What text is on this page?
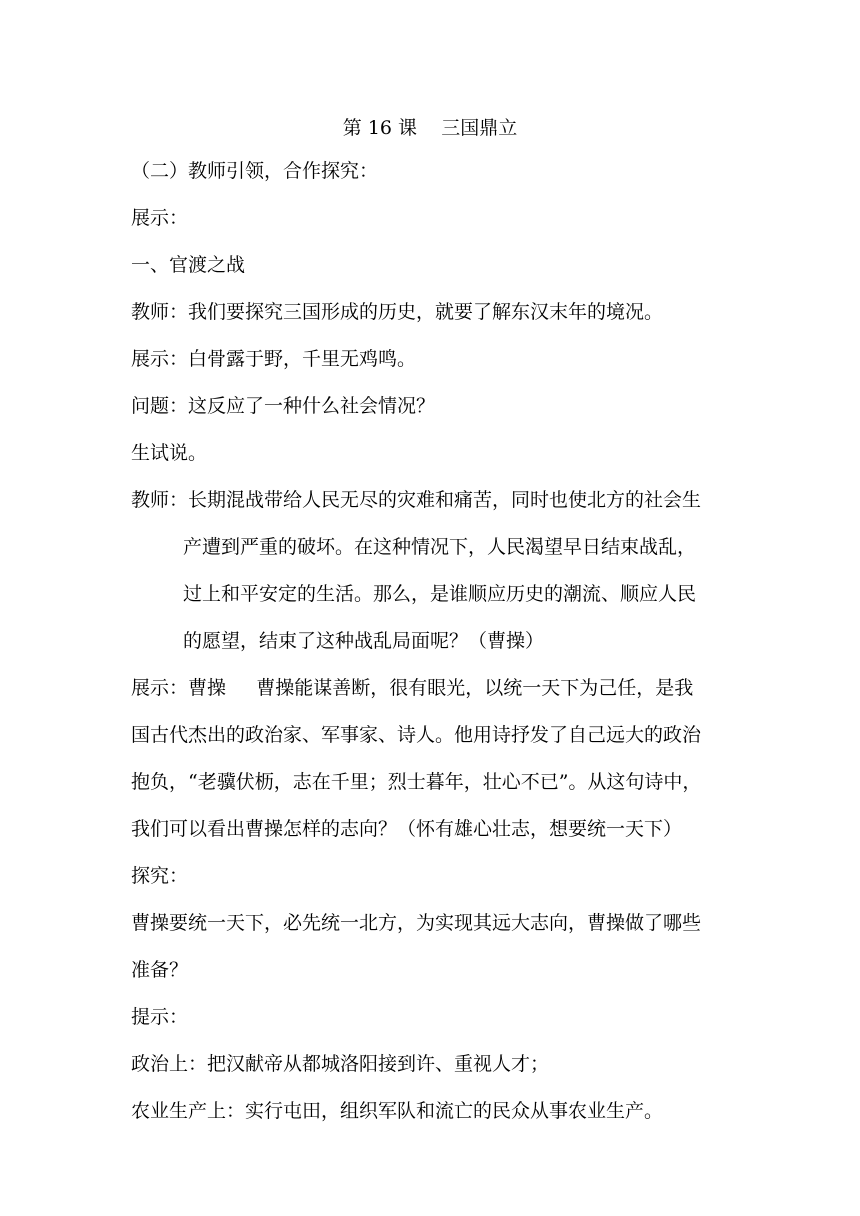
第 16 课    三国鼎立
（二）教师引领，合作探究：
展示：
一、官渡之战
教师：我们要探究三国形成的历史，就要了解东汉末年的境况。
展示：白骨露于野，千里无鸡鸣。
问题：这反应了一种什么社会情况？
生试说。
教师：长期混战带给人民无尽的灾难和痛苦，同时也使北方的社会生
产遭到严重的破坏。在这种情况下，人民渴望早日结束战乱，
过上和平安定的生活。那么，是谁顺应历史的潮流、顺应人民
的愿望，结束了这种战乱局面呢？（曹操）
展示：曹操     曹操能谋善断，很有眼光，以统一天下为己任，是我
国古代杰出的政治家、军事家、诗人。他用诗抒发了自己远大的政治
抱负，“老骥伏枥，志在千里；烈士暮年，壮心不已”。从这句诗中，
我们可以看出曹操怎样的志向？（怀有雄心壮志，想要统一天下）
探究：
曹操要统一天下，必先统一北方，为实现其远大志向，曹操做了哪些
准备？
提示：
政治上：把汉献帝从都城洛阳接到许、重视人才；
农业生产上：实行屯田，组织军队和流亡的民众从事农业生产。
